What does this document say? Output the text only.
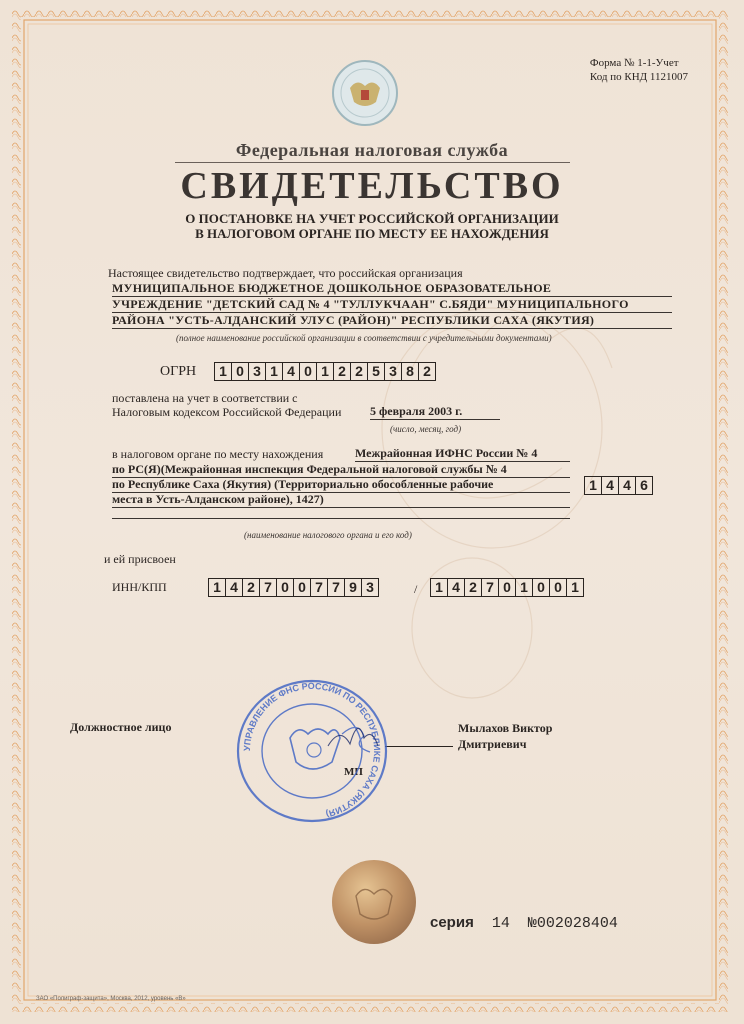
Форма № 1-1-Учет
Код по КНД 1121007
Федеральная налоговая служба
СВИДЕТЕЛЬСТВО
О ПОСТАНОВКЕ НА УЧЕТ РОССИЙСКОЙ ОРГАНИЗАЦИИ
В НАЛОГОВОМ ОРГАНЕ ПО МЕСТУ ЕЕ НАХОЖДЕНИЯ
Настоящее свидетельство подтверждает, что российская организация
МУНИЦИПАЛЬНОЕ БЮДЖЕТНОЕ ДОШКОЛЬНОЕ ОБРАЗОВАТЕЛЬНОЕ
УЧРЕЖДЕНИЕ "ДЕТСКИЙ САД № 4 "ТУЛЛУКЧААН" С.БЯДИ" МУНИЦИПАЛЬНОГО
РАЙОНА "УСТЬ-АЛДАНСКИЙ УЛУС (РАЙОН)" РЕСПУБЛИКИ САХА (ЯКУТИЯ)
(полное наименование российской организации в соответствии с учредительными документами)
ОГРН 1 0 3 1 4 0 1 2 2 5 3 8 2
поставлена на учет в соответствии с
Налоговым кодексом Российской Федерации 5 февраля 2003 г.
(число, месяц, год)
в налоговом органе по месту нахождения	Межрайонная ИФНС России № 4
по РС(Я)(Межрайонная инспекция Федеральной налоговой службы № 4
по Республике Саха (Якутия) (Территориально обособленные рабочие
места в Усть-Алданском районе), 1427)
1 4 4 6
(наименование налогового органа и его код)
и ей присвоен
ИНН/КПП	1 4 2 7 0 0 7 7 9 3	/ 1 4 2 7 0 1 0 0 1
Должностное лицо	Мылахов Виктор
Дмитриевич
МП
УПРАВЛЕНИЕ ФНС РОССИИ ПО РЕСПУБЛИКЕ САХА (ЯКУТИЯ)
серия 14 №002028404
ЗАО «Полиграф-защита», Москва, 2012, уровень «В»
